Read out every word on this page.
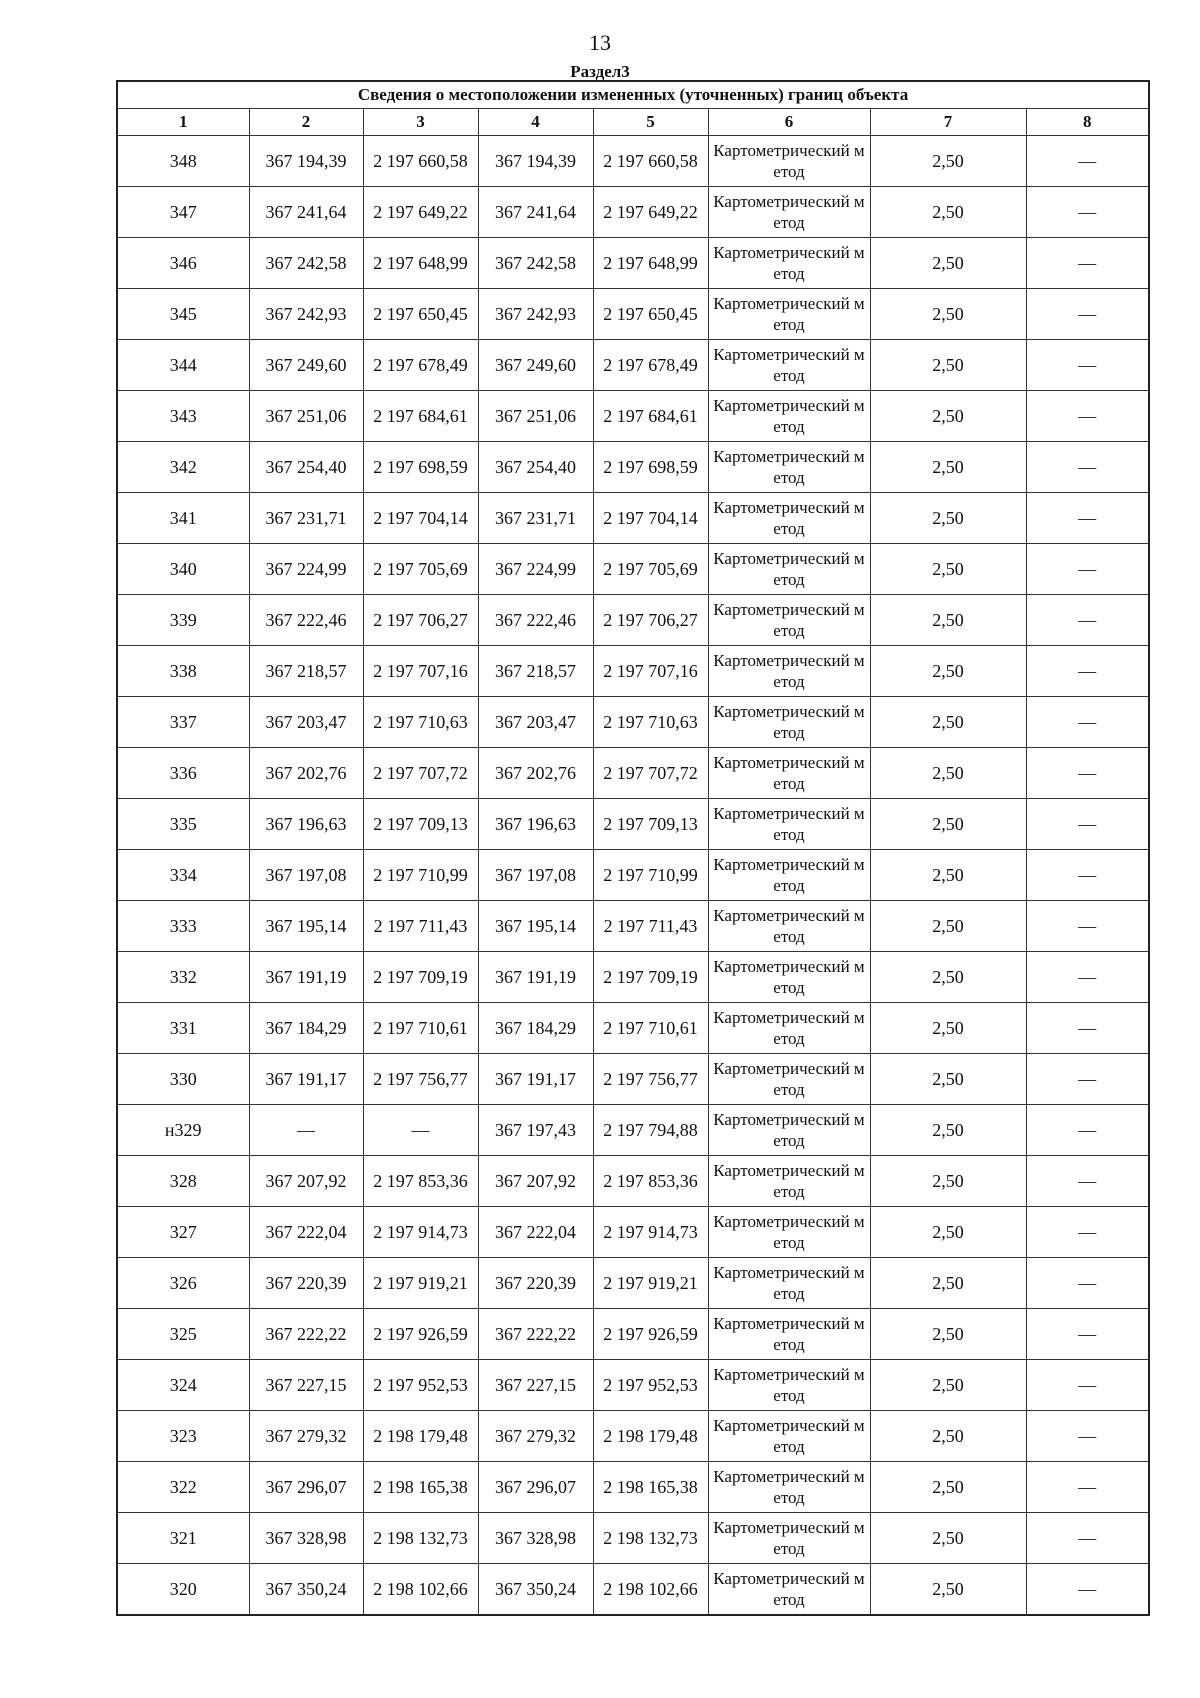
13
Раздел3
Сведения о местоположении измененных (уточненных) границ объекта							
1	2	3	4	5	6	7	8
348	367 194,39	2 197 660,58	367 194,39	2 197 660,58	Картометрический метод	2,50	—
347	367 241,64	2 197 649,22	367 241,64	2 197 649,22	Картометрический метод	2,50	—
346	367 242,58	2 197 648,99	367 242,58	2 197 648,99	Картометрический метод	2,50	—
345	367 242,93	2 197 650,45	367 242,93	2 197 650,45	Картометрический метод	2,50	—
344	367 249,60	2 197 678,49	367 249,60	2 197 678,49	Картометрический метод	2,50	—
343	367 251,06	2 197 684,61	367 251,06	2 197 684,61	Картометрический метод	2,50	—
342	367 254,40	2 197 698,59	367 254,40	2 197 698,59	Картометрический метод	2,50	—
341	367 231,71	2 197 704,14	367 231,71	2 197 704,14	Картометрический метод	2,50	—
340	367 224,99	2 197 705,69	367 224,99	2 197 705,69	Картометрический метод	2,50	—
339	367 222,46	2 197 706,27	367 222,46	2 197 706,27	Картометрический метод	2,50	—
338	367 218,57	2 197 707,16	367 218,57	2 197 707,16	Картометрический метод	2,50	—
337	367 203,47	2 197 710,63	367 203,47	2 197 710,63	Картометрический метод	2,50	—
336	367 202,76	2 197 707,72	367 202,76	2 197 707,72	Картометрический метод	2,50	—
335	367 196,63	2 197 709,13	367 196,63	2 197 709,13	Картометрический метод	2,50	—
334	367 197,08	2 197 710,99	367 197,08	2 197 710,99	Картометрический метод	2,50	—
333	367 195,14	2 197 711,43	367 195,14	2 197 711,43	Картометрический метод	2,50	—
332	367 191,19	2 197 709,19	367 191,19	2 197 709,19	Картометрический метод	2,50	—
331	367 184,29	2 197 710,61	367 184,29	2 197 710,61	Картометрический метод	2,50	—
330	367 191,17	2 197 756,77	367 191,17	2 197 756,77	Картометрический метод	2,50	—
н329	—	—	367 197,43	2 197 794,88	Картометрический метод	2,50	—
328	367 207,92	2 197 853,36	367 207,92	2 197 853,36	Картометрический метод	2,50	—
327	367 222,04	2 197 914,73	367 222,04	2 197 914,73	Картометрический метод	2,50	—
326	367 220,39	2 197 919,21	367 220,39	2 197 919,21	Картометрический метод	2,50	—
325	367 222,22	2 197 926,59	367 222,22	2 197 926,59	Картометрический метод	2,50	—
324	367 227,15	2 197 952,53	367 227,15	2 197 952,53	Картометрический метод	2,50	—
323	367 279,32	2 198 179,48	367 279,32	2 198 179,48	Картометрический метод	2,50	—
322	367 296,07	2 198 165,38	367 296,07	2 198 165,38	Картометрический метод	2,50	—
321	367 328,98	2 198 132,73	367 328,98	2 198 132,73	Картометрический метод	2,50	—
320	367 350,24	2 198 102,66	367 350,24	2 198 102,66	Картометрический метод	2,50	—
